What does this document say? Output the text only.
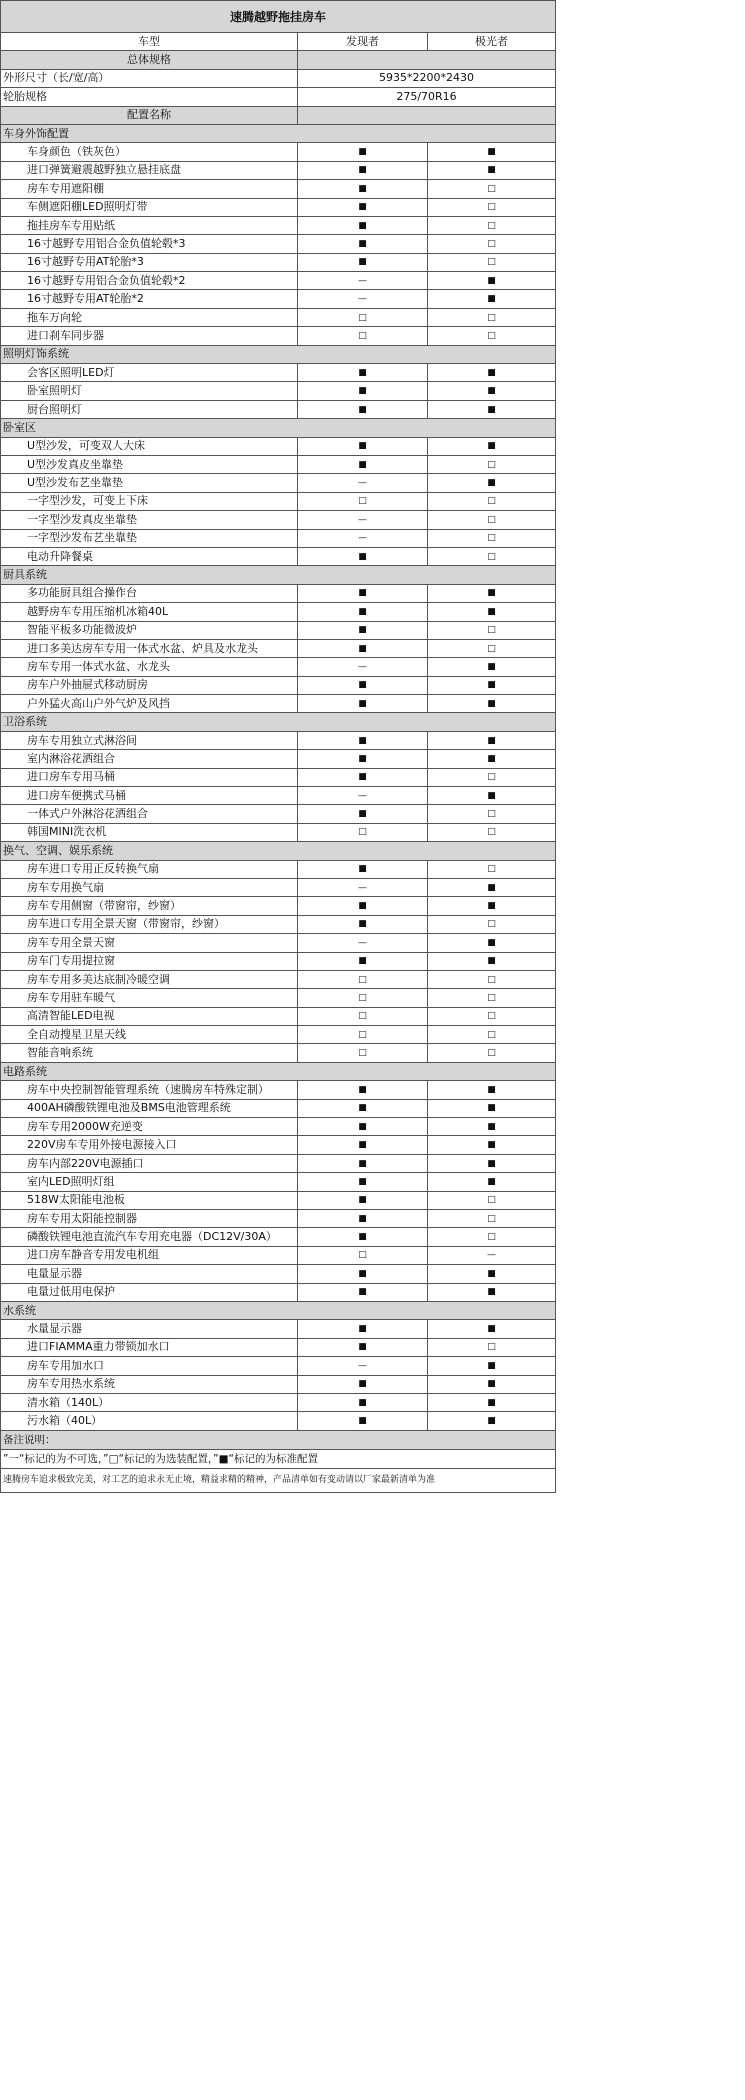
速腾越野拖挂房车		
车型	发现者	极光者
总体规格		
外形尺寸（长/宽/高）	5935*2200*2430	
轮胎规格	275/70R16	
配置名称		
车身外饰配置		
车身颜色（铁灰色）	■	■
进口弹簧避震越野独立悬挂底盘	■	■
房车专用遮阳棚	■	□
车侧遮阳棚LED照明灯带	■	□
拖挂房车专用贴纸	■	□
16寸越野专用铝合金负值轮毂*3	■	□
16寸越野专用AT轮胎*3	■	□
16寸越野专用铝合金负值轮毂*2	—	■
16寸越野专用AT轮胎*2	—	■
拖车万向轮	□	□
进口刹车同步器	□	□
照明灯饰系统		
会客区照明LED灯	■	■
卧室照明灯	■	■
厨台照明灯	■	■
卧室区		
U型沙发，可变双人大床	■	■
U型沙发真皮坐靠垫	■	□
U型沙发布艺坐靠垫	—	■
一字型沙发，可变上下床	□	□
一字型沙发真皮坐靠垫	—	□
一字型沙发布艺坐靠垫	—	□
电动升降餐桌	■	□
厨具系统		
多功能厨具组合操作台	■	■
越野房车专用压缩机冰箱40L	■	■
智能平板多功能微波炉	■	□
进口多美达房车专用一体式水盆、炉具及水龙头	■	□
房车专用一体式水盆、水龙头	—	■
房车户外抽屉式移动厨房	■	■
户外猛火高山户外气炉及风挡	■	■
卫浴系统		
房车专用独立式淋浴间	■	■
室内淋浴花洒组合	■	■
进口房车专用马桶	■	□
进口房车便携式马桶	—	■
一体式户外淋浴花洒组合	■	□
韩国MINI洗衣机	□	□
换气、空调、娱乐系统		
房车进口专用正反转换气扇	■	□
房车专用换气扇	—	■
房车专用侧窗（带窗帘，纱窗）	■	■
房车进口专用全景天窗（带窗帘，纱窗）	■	□
房车专用全景天窗	—	■
房车门专用提拉窗	■	■
房车专用多美达底制冷暖空调	□	□
房车专用驻车暖气	□	□
高清智能LED电视	□	□
全自动搜星卫星天线	□	□
智能音响系统	□	□
电路系统		
房车中央控制智能管理系统（速腾房车特殊定制）	■	■
400AH磷酸铁锂电池及BMS电池管理系统	■	■
房车专用2000W充逆变	■	■
220V房车专用外接电源接入口	■	■
房车内部220V电源插口	■	■
室内LED照明灯组	■	■
518W太阳能电池板	■	□
房车专用太阳能控制器	■	□
磷酸铁锂电池直流汽车专用充电器（DC12V/30A）	■	□
进口房车静音专用发电机组	□	—
电量显示器	■	■
电量过低用电保护	■	■
水系统		
水量显示器	■	■
进口FIAMMA重力带锁加水口	■	□
房车专用加水口	—	■
房车专用热水系统	■	■
清水箱（140L）	■	■
污水箱（40L）	■	■
备注说明：		
”一“标记的为不可选，”□“标记的为选装配置，”■“标记的为标准配置		
速腾房车追求极致完美，对工艺的追求永无止境，精益求精的精神，产品清单如有变动请以厂家最新清单为准		
